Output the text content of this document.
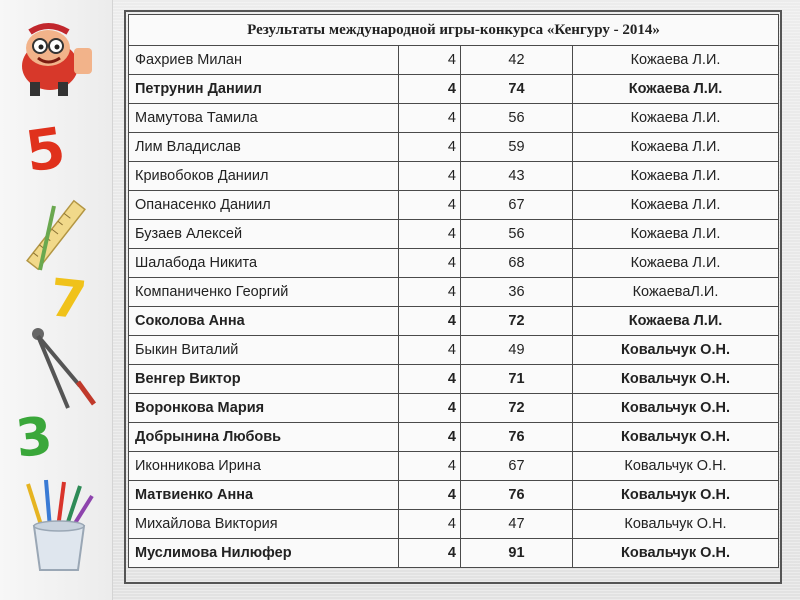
5
7
3
Результаты международной игры-конкурса «Кенгуру - 2014»			
Фахриев Милан	4	42	Кожаева Л.И.
Петрунин Даниил	4	74	Кожаева Л.И.
Мамутова Тамила	4	56	Кожаева Л.И.
Лим Владислав	4	59	Кожаева Л.И.
Кривобоков Даниил	4	43	Кожаева Л.И.
Опанасенко Даниил	4	67	Кожаева Л.И.
Бузаев Алексей	4	56	Кожаева Л.И.
Шалабода Никита	4	68	Кожаева Л.И.
Компаниченко Георгий	4	36	КожаеваЛ.И.
Соколова Анна	4	72	Кожаева Л.И.
Быкин Виталий	4	49	Ковальчук О.Н.
Венгер Виктор	4	71	Ковальчук О.Н.
Воронкова Мария	4	72	Ковальчук О.Н.
Добрынина Любовь	4	76	Ковальчук О.Н.
Иконникова Ирина	4	67	Ковальчук О.Н.
Матвиенко Анна	4	76	Ковальчук О.Н.
Михайлова Виктория	4	47	Ковальчук О.Н.
Муслимова Нилюфер	4	91	Ковальчук О.Н.
